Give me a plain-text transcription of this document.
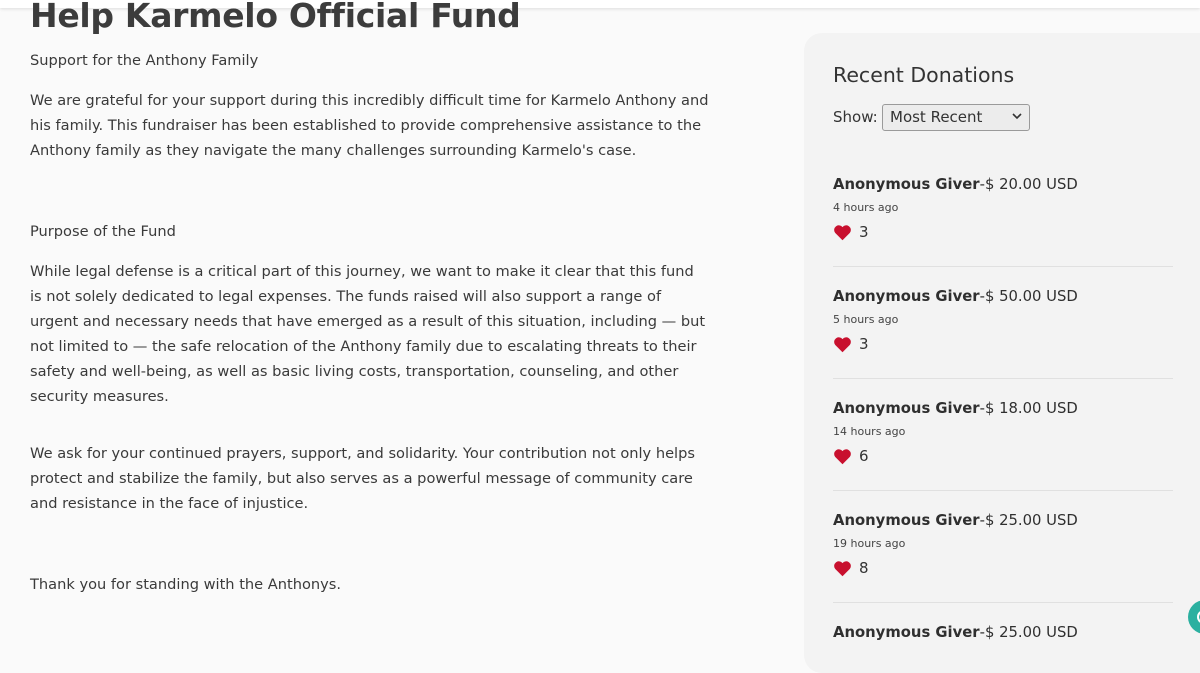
Help Karmelo Official Fund

Support for the Anthony Family

We are grateful for your support during this incredibly difficult time for Karmelo Anthony and his family. This fundraiser has been established to provide comprehensive assistance to the Anthony family as they navigate the many challenges surrounding Karmelo's case.

Purpose of the Fund

While legal defense is a critical part of this journey, we want to make it clear that this fund is not solely dedicated to legal expenses. The funds raised will also support a range of urgent and necessary needs that have emerged as a result of this situation, including — but not limited to — the safe relocation of the Anthony family due to escalating threats to their safety and well-being, as well as basic living costs, transportation, counseling, and other security measures.

We ask for your continued prayers, support, and solidarity. Your contribution not only helps protect and stabilize the family, but also serves as a powerful message of community care and resistance in the face of injustice.

Thank you for standing with the Anthonys.

Recent Donations
Show: Most Recent
Anonymous Giver-$ 20.00 USD
4 hours ago
3
Anonymous Giver-$ 50.00 USD
5 hours ago
3
Anonymous Giver-$ 18.00 USD
14 hours ago
6
Anonymous Giver-$ 25.00 USD
19 hours ago
8
Anonymous Giver-$ 25.00 USD
